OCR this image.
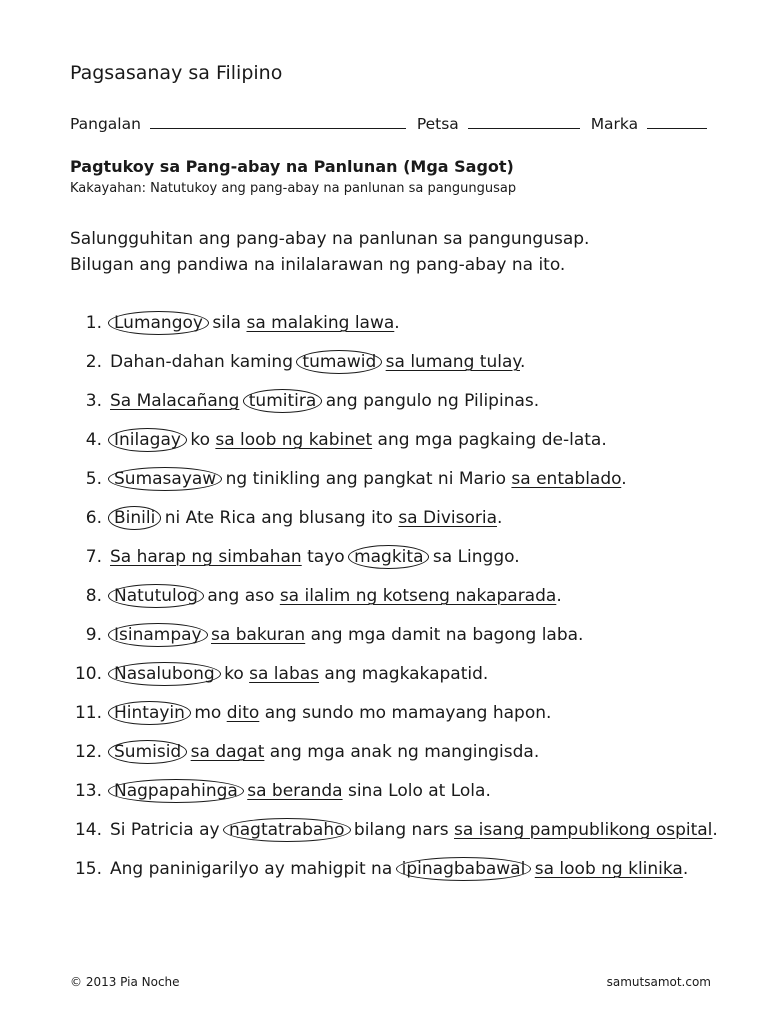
Pagsasanay sa Filipino
Pangalan	Petsa	Marka
Pagtukoy sa Pang-abay na Panlunan (Mga Sagot)
Kakayahan: Natutukoy ang pang-abay na panlunan sa pangungusap
Salungguhitan ang pang-abay na panlunan sa pangungusap.
Bilugan ang pandiwa na inilalarawan ng pang-abay na ito.
1. Lumangoy sila sa malaking lawa.
2. Dahan-dahan kaming tumawid sa lumang tulay.
3. Sa Malacañang tumitira ang pangulo ng Pilipinas.
4. Inilagay ko sa loob ng kabinet ang mga pagkaing de-lata.
5. Sumasayaw ng tinikling ang pangkat ni Mario sa entablado.
6. Binili ni Ate Rica ang blusang ito sa Divisoria.
7. Sa harap ng simbahan tayo magkita sa Linggo.
8. Natutulog ang aso sa ilalim ng kotseng nakaparada.
9. Isinampay sa bakuran ang mga damit na bagong laba.
10. Nasalubong ko sa labas ang magkakapatid.
11. Hintayin mo dito ang sundo mo mamayang hapon.
12. Sumisid sa dagat ang mga anak ng mangingisda.
13. Nagpapahinga sa beranda sina Lolo at Lola.
14. Si Patricia ay nagtatrabaho bilang nars sa isang pampublikong ospital.
15. Ang paninigarilyo ay mahigpit na ipinagbabawal sa loob ng klinika.
© 2013 Pia Noche	samutsamot.com
